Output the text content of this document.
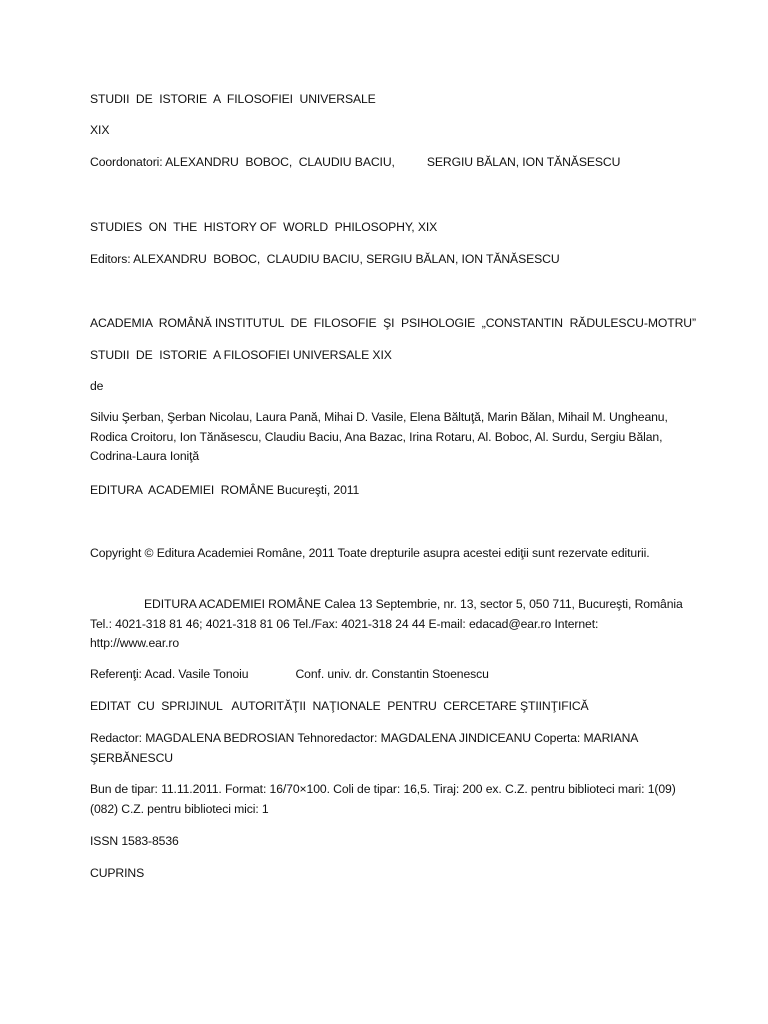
STUDII  DE  ISTORIE  A  FILOSOFIEI  UNIVERSALE

XIX

Coordonatori: ALEXANDRU  BOBOC,  CLAUDIU BACIU,	SERGIU BĂLAN, ION TĂNĂSESCU

STUDIES  ON  THE  HISTORY OF  WORLD  PHILOSOPHY, XIX

Editors: ALEXANDRU  BOBOC,  CLAUDIU BACIU, SERGIU BĂLAN, ION TĂNĂSESCU

ACADEMIA  ROMÂNĂ INSTITUTUL  DE  FILOSOFIE  ŞI  PSIHOLOGIE  „CONSTANTIN  RĂDULESCU-MOTRU”

STUDII  DE  ISTORIE  A FILOSOFIEI UNIVERSALE XIX

de

Silviu Şerban, Şerban Nicolau, Laura Pană, Mihai D. Vasile, Elena Băltuţă, Marin Bălan, Mihail M. Ungheanu, Rodica Croitoru, Ion Tănăsescu, Claudiu Baciu, Ana Bazac, Irina Rotaru, Al. Boboc, Al. Surdu, Sergiu Bălan, Codrina-Laura Ioniţă

EDITURA  ACADEMIEI  ROMÂNE Bucureşti, 2011

Copyright © Editura Academiei Române, 2011 Toate drepturile asupra acestei ediţii sunt rezervate editurii.

EDITURA ACADEMIEI ROMÂNE Calea 13 Septembrie, nr. 13, sector 5, 050 711, Bucureşti, România Tel.: 4021-318 81 46; 4021-318 81 06 Tel./Fax: 4021-318 24 44 E-mail: edacad@ear.ro Internet: http://www.ear.ro

Referenţi: Acad. Vasile Tonoiu	Conf. univ. dr. Constantin Stoenescu

EDITAT  CU  SPRIJINUL   AUTORITĂŢII  NAŢIONALE  PENTRU  CERCETARE ŞTIINŢIFICĂ

Redactor: MAGDALENA BEDROSIAN Tehnoredactor: MAGDALENA JINDICEANU Coperta: MARIANA ŞERBĂNESCU

Bun de tipar: 11.11.2011. Format: 16/70×100. Coli de tipar: 16,5. Tiraj: 200 ex. C.Z. pentru biblioteci mari: 1(09)(082) C.Z. pentru biblioteci mici: 1

ISSN 1583-8536

CUPRINS
